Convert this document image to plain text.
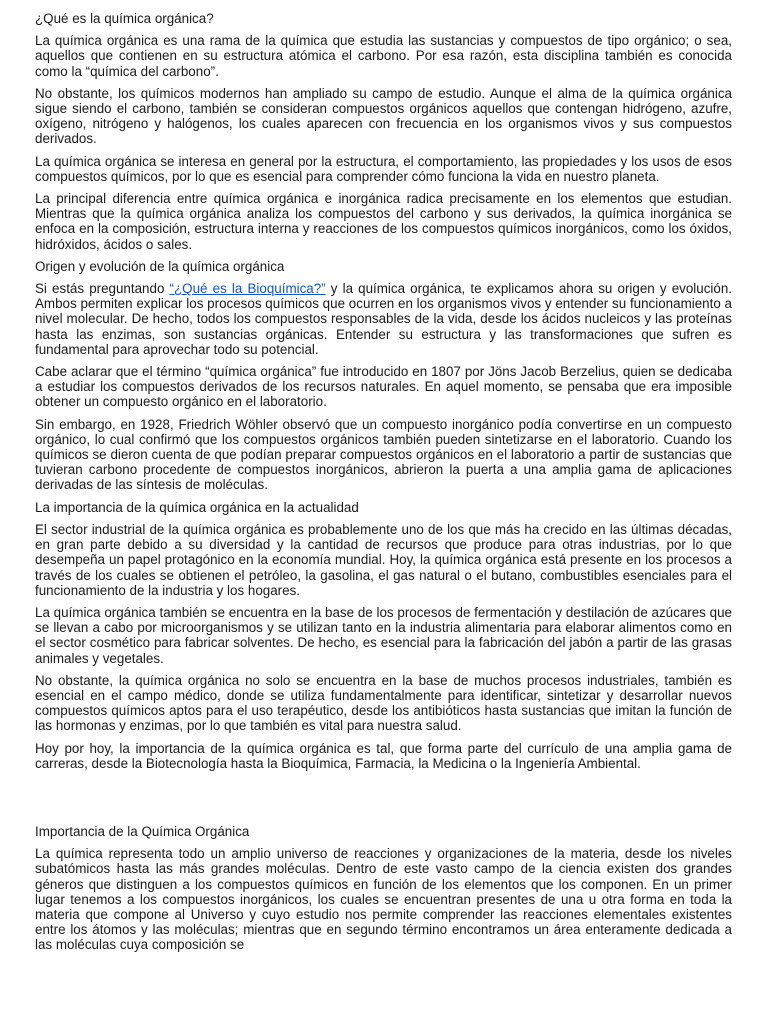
¿Qué es la química orgánica?

La química orgánica es una rama de la química que estudia las sustancias y compuestos de tipo orgánico; o sea, aquellos que contienen en su estructura atómica el carbono. Por esa razón, esta disciplina también es conocida como la “química del carbono”.

No obstante, los químicos modernos han ampliado su campo de estudio. Aunque el alma de la química orgánica sigue siendo el carbono, también se consideran compuestos orgánicos aquellos que contengan hidrógeno, azufre, oxígeno, nitrógeno y halógenos, los cuales aparecen con frecuencia en los organismos vivos y sus compuestos derivados.

La química orgánica se interesa en general por la estructura, el comportamiento, las propiedades y los usos de esos compuestos químicos, por lo que es esencial para comprender cómo funciona la vida en nuestro planeta.

La principal diferencia entre química orgánica e inorgánica radica precisamente en los elementos que estudian. Mientras que la química orgánica analiza los compuestos del carbono y sus derivados, la química inorgánica se enfoca en la composición, estructura interna y reacciones de los compuestos químicos inorgánicos, como los óxidos, hidróxidos, ácidos o sales.

Origen y evolución de la química orgánica

Si estás preguntando “¿Qué es la Bioquímica?” y la química orgánica, te explicamos ahora su origen y evolución. Ambos permiten explicar los procesos químicos que ocurren en los organismos vivos y entender su funcionamiento a nivel molecular. De hecho, todos los compuestos responsables de la vida, desde los ácidos nucleicos y las proteínas hasta las enzimas, son sustancias orgánicas. Entender su estructura y las transformaciones que sufren es fundamental para aprovechar todo su potencial.

Cabe aclarar que el término “química orgánica” fue introducido en 1807 por Jöns Jacob Berzelius, quien se dedicaba a estudiar los compuestos derivados de los recursos naturales. En aquel momento, se pensaba que era imposible obtener un compuesto orgánico en el laboratorio.

Sin embargo, en 1928, Friedrich Wöhler observó que un compuesto inorgánico podía convertirse en un compuesto orgánico, lo cual confirmó que los compuestos orgánicos también pueden sintetizarse en el laboratorio. Cuando los químicos se dieron cuenta de que podían preparar compuestos orgánicos en el laboratorio a partir de sustancias que tuvieran carbono procedente de compuestos inorgánicos, abrieron la puerta a una amplia gama de aplicaciones derivadas de las síntesis de moléculas.

La importancia de la química orgánica en la actualidad

El sector industrial de la química orgánica es probablemente uno de los que más ha crecido en las últimas décadas, en gran parte debido a su diversidad y la cantidad de recursos que produce para otras industrias, por lo que desempeña un papel protagónico en la economía mundial. Hoy, la química orgánica está presente en los procesos a través de los cuales se obtienen el petróleo, la gasolina, el gas natural o el butano, combustibles esenciales para el funcionamiento de la industria y los hogares.

La química orgánica también se encuentra en la base de los procesos de fermentación y destilación de azúcares que se llevan a cabo por microorganismos y se utilizan tanto en la industria alimentaria para elaborar alimentos como en el sector cosmético para fabricar solventes. De hecho, es esencial para la fabricación del jabón a partir de las grasas animales y vegetales.

No obstante, la química orgánica no solo se encuentra en la base de muchos procesos industriales, también es esencial en el campo médico, donde se utiliza fundamentalmente para identificar, sintetizar y desarrollar nuevos compuestos químicos aptos para el uso terapéutico, desde los antibióticos hasta sustancias que imitan la función de las hormonas y enzimas, por lo que también es vital para nuestra salud.

Hoy por hoy, la importancia de la química orgánica es tal, que forma parte del currículo de una amplia gama de carreras, desde la Biotecnología hasta la Bioquímica, Farmacia, la Medicina o la Ingeniería Ambiental.

Importancia de la Química Orgánica

La química representa todo un amplio universo de reacciones y organizaciones de la materia, desde los niveles subatómicos hasta las más grandes moléculas. Dentro de este vasto campo de la ciencia existen dos grandes géneros que distinguen a los compuestos químicos en función de los elementos que los componen. En un primer lugar tenemos a los compuestos inorgánicos, los cuales se encuentran presentes de una u otra forma en toda la materia que compone al Universo y cuyo estudio nos permite comprender las reacciones elementales existentes entre los átomos y las moléculas; mientras que en segundo término encontramos un área enteramente dedicada a las moléculas cuya composición se
